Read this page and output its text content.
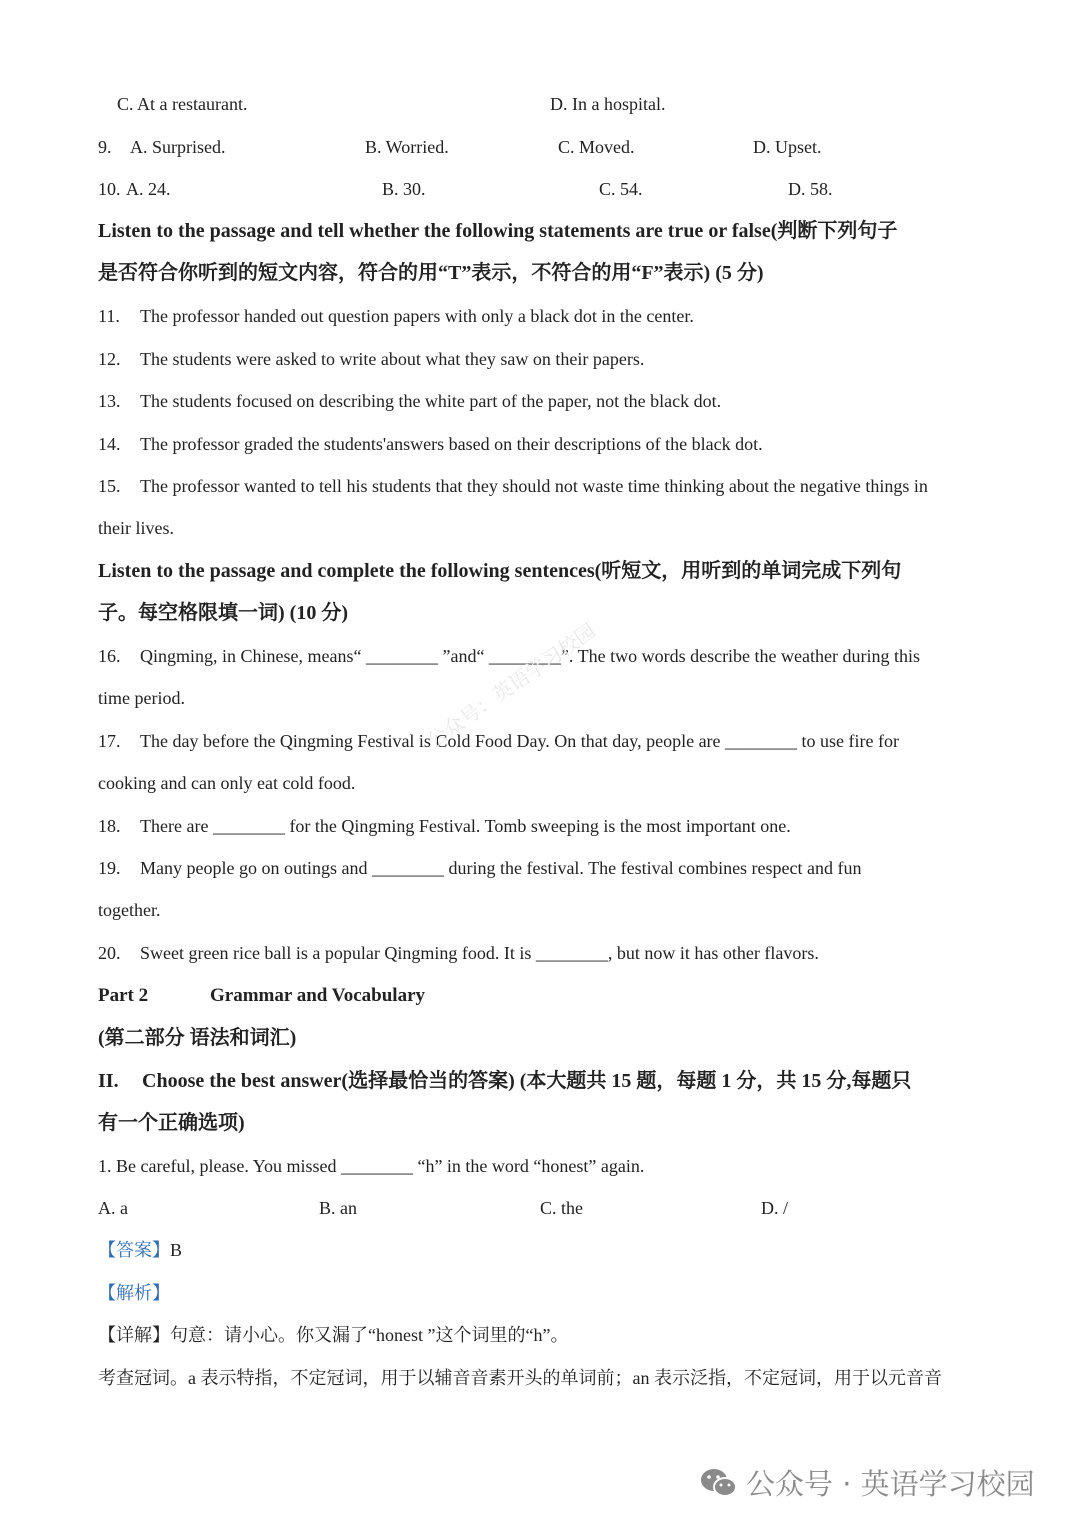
C. At a restaurant.	D. In a hospital.
9. A. Surprised.	B. Worried.	C. Moved.	D. Upset.
10. A. 24.	B. 30.	C. 54.	D. 58.
Listen to the passage and tell whether the following statements are true or false(判断下列句子
是否符合你听到的短文内容，符合的用“T”表示，不符合的用“F”表示) (5 分)
11. The professor handed out question papers with only a black dot in the center.
12. The students were asked to write about what they saw on their papers.
13. The students focused on describing the white part of the paper, not the black dot.
14. The professor graded the students'answers based on their descriptions of the black dot.
15. The professor wanted to tell his students that they should not waste time thinking about the negative things in
their lives.
Listen to the passage and complete the following sentences(听短文，用听到的单词完成下列句
子。每空格限填一词) (10 分)
16. Qingming, in Chinese, means“ ________ ”and“ ________”. The two words describe the weather during this
time period.
17. The day before the Qingming Festival is Cold Food Day. On that day, people are ________ to use fire for
cooking and can only eat cold food.
18. There are ________ for the Qingming Festival. Tomb sweeping is the most important one.
19. Many people go on outings and ________ during the festival. The festival combines respect and fun
together.
20. Sweet green rice ball is a popular Qingming food. It is ________, but now it has other flavors.
Part 2	Grammar and Vocabulary
(第二部分 语法和词汇)
II. Choose the best answer(选择最恰当的答案) (本大题共 15 题，每题 1 分，共 15 分,每题只
有一个正确选项)
1. Be careful, please. You missed ________ “h” in the word “honest” again.
A. a	B. an	C. the	D. /
【答案】B
【解析】
【详解】句意：请小心。你又漏了“honest ”这个词里的“h”。
考查冠词。a 表示特指，不定冠词，用于以辅音音素开头的单词前；an 表示泛指，不定冠词，用于以元音音
公众号：英语学习校园
公众号 · 英语学习校园
